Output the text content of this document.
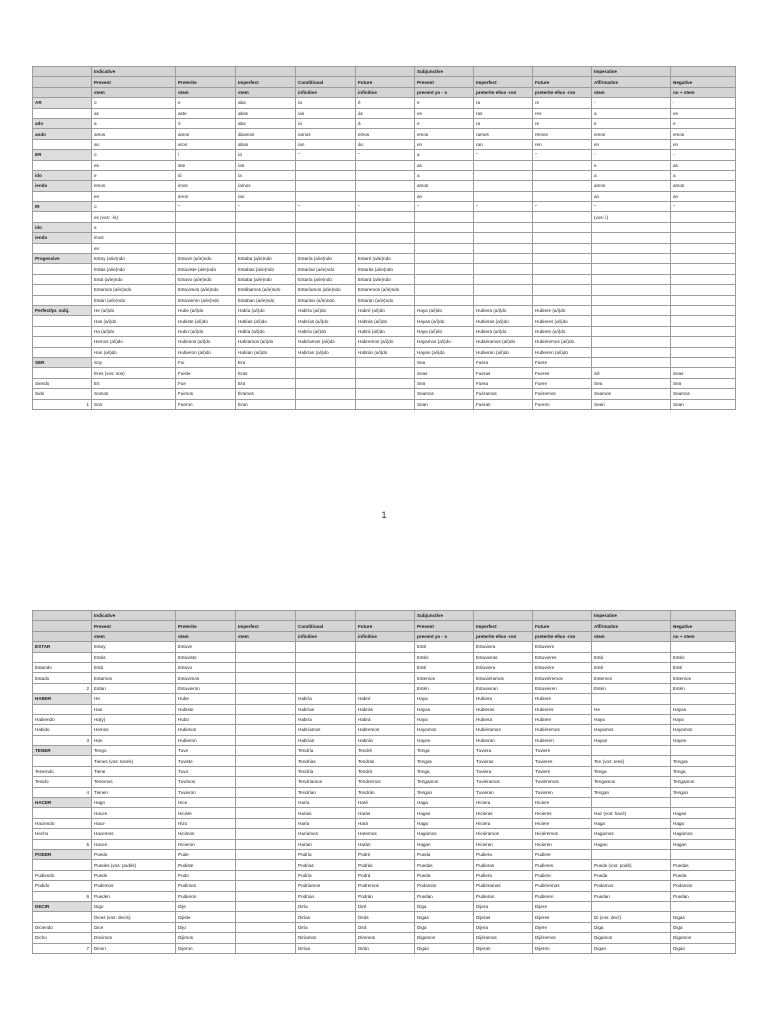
	Indicative					Subjunctive			Imperative	
	Present	Preterite	Imperfect	Conditional	Future	Present	Imperfect	Future	Affirmative	Negative
	stem	stem	stem	infinitive	infinitive	present yo - o	preterite ellos -ron	preterite ellos -ron	stem	no + stem
AR	o	e	aba	ía	é	e	ra	re	-	-
	as	aste	abas	ías	ás	es	ras	res	a	es
ado	a	ó	aba	ía	á	e	ra	re	e	e
ando	amos	amos	ábamos	íamos	emos	emos	ramos	remos	emos	emos
	an	aron	aban	ían	án	en	ran	ren	en	en
ER	o	í	ía	"	"	a	"	"	-	-
	es	iste	ías			as			e	as
ido	e	ió	ía			a			a	a
iendo	emos	imos	íamos			amos			amos	amos
	en	ieron	ían			an			an	an
IR	o	"	"	"	"	"	"	"	"	"
	es (vos: -ís)								(vos: í)	
ido	e									
iendo	imos									
	en									
Progessive	Estoy (a/ie)ndo	Estuve (a/ie)ndo	Estaba (a/ie)ndo	Estaría (a/ie)ndo	Estaré (a/ie)ndo					
	Estás (a/ie)ndo	Estuviste (a/ie)ndo	Estabas (a/ie)ndo	Estarías (a/ie)ndo	Estarás (a/ie)ndo					
	Está (a/ie)ndo	Estuvo (a/ie)ndo	Estaba (a/ie)ndo	Estaría (a/ie)ndo	Estará (a/ie)ndo					
	Estamos (a/ie)ndo	Estuvimos (a/ie)ndo	Estábamos (a/ie)ndo	Estaríamos (a/ie)ndo	Estaremos (a/ie)ndo					
	Están (a/ie)ndo	Estuvieron (a/ie)ndo	Estaban (a/ie)ndo	Estarían (a/ie)ndo	Estarán (a/ie)ndo					
Perfect/pr. subj.	He (a/i)do	Hube (a/i)do	Había (a/i)do	Habría (a/i)do	Habré (a/i)do	Haya (a/i)do	Hubiera (a/i)do	Hubiere (a/i)do		
	Has (a/i)do	Hubiste (a/i)do	Habías (a/i)do	Habrías (a/i)do	Habrás (a/i)do	Hayas (a/i)do	Hubieras (a/i)do	Hubieres (a/i)do		
	Ha (a/i)do	Hubo (a/i)do	Había (a/i)do	Habría (a/i)do	Habrá (a/i)do	Haya (a/i)do	Hubiera (a/i)do	Hubiere (a/i)do		
	Hemos (a/i)do	Hubimos (a/i)do	Habíamos (a/i)do	Habríamos (a/i)do	Habremos (a/i)do	Hayamos (a/i)do	Hubiéramos (a/i)do	Hubiéremos (a/i)do		
	Han (a/i)do	Hubieron (a/i)do	Habían (a/i)do	Habrían (a/i)do	Habrán (a/i)do	Hayan (a/i)do	Hubieran (a/i)do	Hubieren (a/i)do		
SER	Soy	Fui	Era			Sea	Fuera	Fuere		
	Eres (vos: sos)	Fuiste	Eras			Seas	Fueras	Fueres	Sé	Seas
Siendo	Es	Fue	Era			Sea	Fuera	Fuere	Sea	Sea
Sido	Somos	Fuimos	Éramos			Seamos	Fuéramos	Fuéremos	Seamos	Seamos
1	Son	Fueron	Eran			Sean	Fueran	Fueren	Sean	Sean
1
	Indicative					Subjunctive			Imperative	
	Present	Preterite	Imperfect	Conditional	Future	Present	Imperfect	Future	Affirmative	Negative
	stem	stem	stem	infinitive	infinitive	present yo - o	preterite ellos -ron	preterite ellos -ron	stem	no + stem
ESTAR	Estoy	Estuve				Esté	Estuviera	Estuviere		
	Estás	Estuviste				Estés	Estuvieras	Estuvieres	Está	Estés
Estando	Está	Estuvo				Esté	Estuviera	Estuviere	Esté	Esté
Estado	Estamos	Estuvimos				Estemos	Estuviéramos	Estuviéremos	Estemos	Estemos
2	Están	Estuvieron				Estén	Estuvieran	Estuvieren	Estén	Estén
HABER	He	Hube		Habría	Habré	Haya	Hubiera	Hubiere		
	Has	Hubiste		Habrías	Habrás	Hayas	Hubieras	Hubieres	He	Hayas
Habiendo	Ha(y)	Hubo		Habría	Habrá	Haya	Hubiera	Hubiere	Haya	Haya
Habido	Hemos	Hubimos		Habríamos	Habremos	Hayamos	Hubiéramos	Hubiéremos	Hayamos	Hayamos
3	Han	Hubieron		Habrían	Habrán	Hayan	Hubieran	Hubieren	Hayan	Hayan
TENER	Tengo	Tuve		Tendría	Tendré	Tenga	Tuviera	Tuviere		
	Tienes (vos: tenés)	Tuviste		Tendrías	Tendrás	Tengas	Tuvieras	Tuvieres	Ten (vos: tené)	Tengas
Teniendo	Tiene	Tuvo		Tendría	Tendrá	Tenga	Tuviera	Tuviere	Tenga	Tenga
Tenido	Tenemos	Tuvimos		Tendríamos	Tendremos	Tengamos	Tuviéramos	Tuviéremos	Tengamos	Tengamos
4	Tienen	Tuvieron		Tendrían	Tendrán	Tengan	Tuvieran	Tuvieren	Tengan	Tengan
HACER	Hago	Hice		Haría	Haré	Haga	Hiciera	Hiciere		
	Haces	Hiciste		Harías	Harás	Hagas	Hicieras	Hicieres	Haz (vos: hacé)	Hagas
Haciendo	Hace	Hizo		Haría	Hará	Haga	Hiciera	Hiciere	Haga	Haga
Hecho	Hacemos	Hicimos		Haríamos	Haremos	Hagamos	Hiciéramos	Hiciéremos	Hagamos	Hagamos
5	Hacen	Hicieron		Harían	Harán	Hagan	Hicieran	Hicieren	Hagan	Hagan
PODER	Puedo	Pude		Podría	Podré	Pueda	Pudiera	Pudiere		
	Puedes (vos: podés)	Pudiste		Podrías	Podrás	Puedas	Pudieras	Pudieres	Puede (vos: podé)	Puedas
Pudiendo	Puede	Pudo		Podría	Podrá	Pueda	Pudiera	Pudiere	Pueda	Pueda
Podido	Podemos	Pudimos		Podríamos	Podremos	Podamos	Pudiéramos	Pudiéremos	Podamos	Podamos
6	Pueden	Pudieron		Podrían	Podrán	Puedan	Pudieran	Pudieren	Puedan	Puedan
DECIR	Digo	Dije		Diría	Diré	Diga	Dijera	Dijere		
	Dices (vos: decís)	Dijiste		Dirías	Dirás	Digas	Dijeras	Dijeres	Di (vos: decí)	Digas
Diciendo	Dice	Dijo		Diría	Dirá	Diga	Dijera	Dijere	Diga	Diga
Dicho	Decimos	Dijimos		Diríamos	Diremos	Digamos	Dijéramos	Dijéremos	Digamos	Digamos
7	Dicen	Dijeron		Dirían	Dirán	Digan	Dijeran	Dijeren	Digan	Digan
